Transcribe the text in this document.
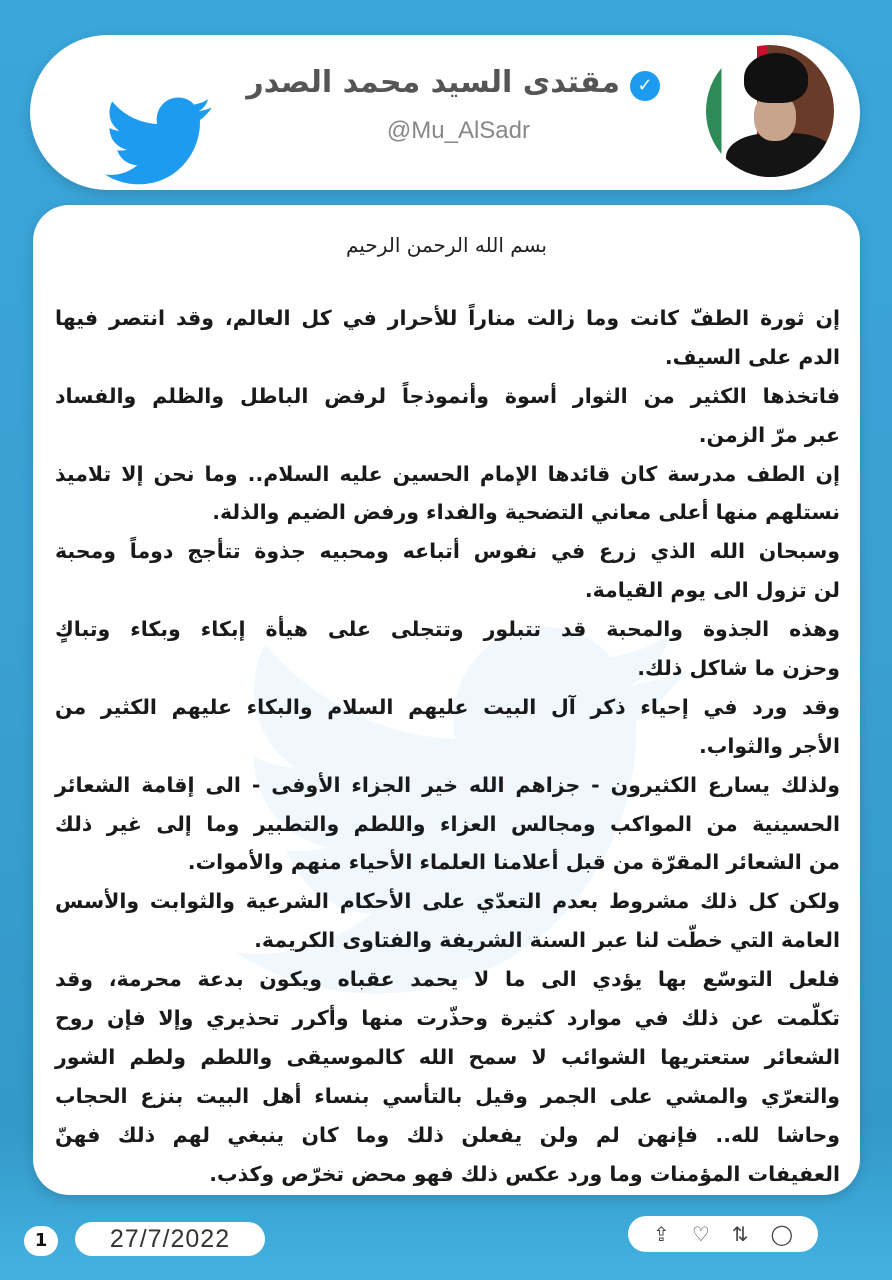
مقتدى السيد محمد الصدر ✓
@Mu_AlSadr
بسم الله الرحمن الرحيم
إن ثورة الطفّ كانت وما زالت مناراً للأحرار في كل العالم، وقد انتصر فيها
الدم على السيف.
فاتخذها الكثير من الثوار أسوة وأنموذجاً لرفض الباطل والظلم والفساد
عبر مرّ الزمن.
إن الطف مدرسة كان قائدها الإمام الحسين عليه السلام.. وما نحن إلا تلاميذ
نستلهم منها أعلى معاني التضحية والفداء ورفض الضيم والذلة.
وسبحان الله الذي زرع في نفوس أتباعه ومحبيه جذوة تتأجج دوماً ومحبة
لن تزول الى يوم القيامة.
وهذه الجذوة والمحبة قد تتبلور وتتجلى على هيأة إبكاء وبكاء وتباكٍ
وحزن ما شاكل ذلك.
وقد ورد في إحياء ذكر آل البيت عليهم السلام والبكاء عليهم الكثير من
الأجر والثواب.
ولذلك يسارع الكثيرون - جزاهم الله خير الجزاء الأوفى - الى إقامة الشعائر
الحسينية من المواكب ومجالس العزاء واللطم والتطبير وما إلى غير ذلك
من الشعائر المقرّة من قبل أعلامنا العلماء الأحياء منهم والأموات.
ولكن كل ذلك مشروط بعدم التعدّي على الأحكام الشرعية والثوابت والأسس
العامة التي خطّت لنا عبر السنة الشريفة والفتاوى الكريمة.
فلعل التوسّع بها يؤدي الى ما لا يحمد عقباه ويكون بدعة محرمة، وقد
تكلّمت عن ذلك في موارد كثيرة وحذّرت منها وأكرر تحذيري وإلا فإن روح
الشعائر ستعتريها الشوائب لا سمح الله كالموسيقى واللطم ولطم الشور
والتعرّي والمشي على الجمر وقيل بالتأسي بنساء أهل البيت بنزع الحجاب
وحاشا لله.. فإنهن لم ولن يفعلن ذلك وما كان ينبغي لهم ذلك فهنّ
العفيفات المؤمنات وما ورد عكس ذلك فهو محض تخرّص وكذب.
1	27/7/2022	⇪ ♡ ⇅ ◯
